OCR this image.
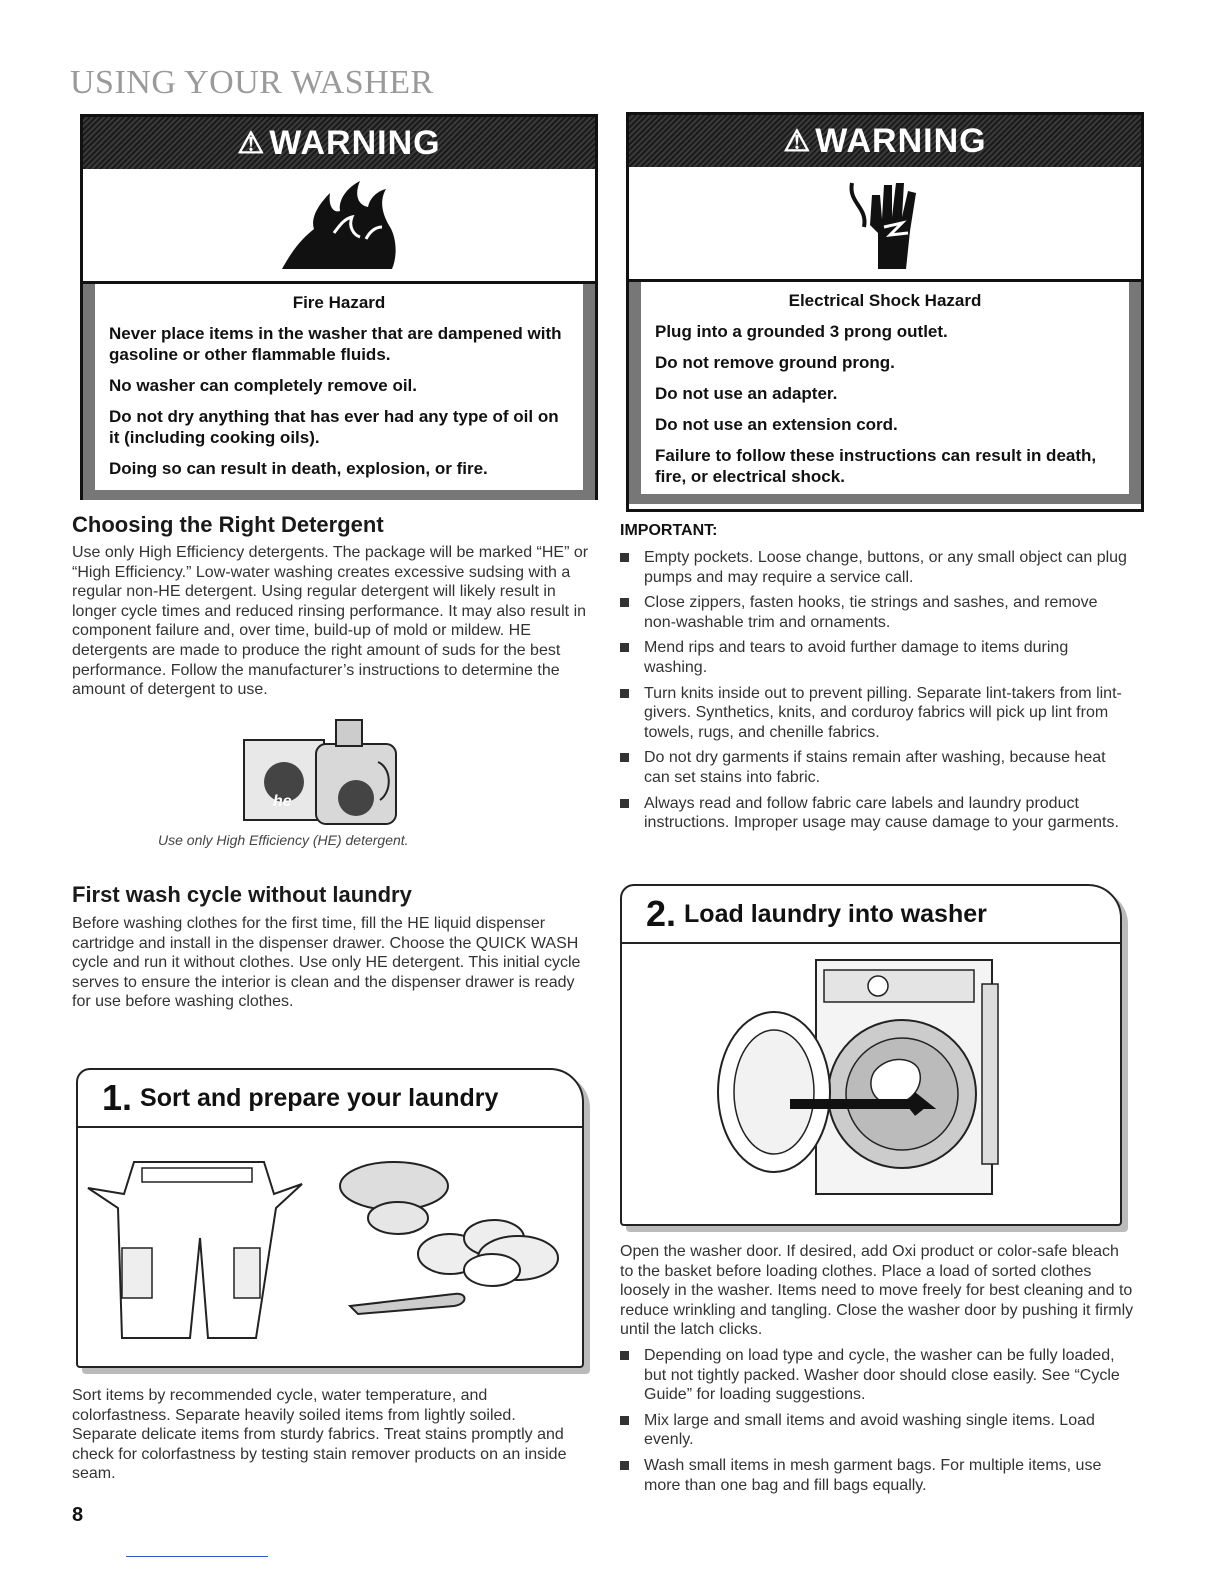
USING YOUR WASHER
⚠ WARNING

Fire Hazard

Never place items in the washer that are dampened with gasoline or other flammable fluids.

No washer can completely remove oil.

Do not dry anything that has ever had any type of oil on it (including cooking oils).

Doing so can result in death, explosion, or fire.

⚠ WARNING

Electrical Shock Hazard

Plug into a grounded 3 prong outlet.

Do not remove ground prong.

Do not use an adapter.

Do not use an extension cord.

Failure to follow these instructions can result in death, fire, or electrical shock.

Choosing the Right Detergent

Use only High Efficiency detergents. The package will be marked “HE” or “High Efficiency.” Low-water washing creates excessive sudsing with a regular non-HE detergent. Using regular detergent will likely result in longer cycle times and reduced rinsing performance. It may also result in component failure and, over time, build-up of mold or mildew. HE detergents are made to produce the right amount of suds for the best performance. Follow the manufacturer’s instructions to determine the amount of detergent to use.

he
Use only High Efficiency (HE) detergent.
IMPORTANT:
Empty pockets. Loose change, buttons, or any small object can plug pumps and may require a service call.
Close zippers, fasten hooks, tie strings and sashes, and remove non-washable trim and ornaments.
Mend rips and tears to avoid further damage to items during washing.
Turn knits inside out to prevent pilling. Separate lint-takers from lint-givers. Synthetics, knits, and corduroy fabrics will pick up lint from towels, rugs, and chenille fabrics.
Do not dry garments if stains remain after washing, because heat can set stains into fabric.
Always read and follow fabric care labels and laundry product instructions. Improper usage may cause damage to your garments.
First wash cycle without laundry

Before washing clothes for the first time, fill the HE liquid dispenser cartridge and install in the dispenser drawer. Choose the QUICK WASH cycle and run it without clothes. Use only HE detergent. This initial cycle serves to ensure the interior is clean and the dispenser drawer is ready for use before washing clothes.

1. Sort and prepare your laundry

Sort items by recommended cycle, water temperature, and colorfastness. Separate heavily soiled items from lightly soiled. Separate delicate items from sturdy fabrics. Treat stains promptly and check for colorfastness by testing stain remover products on an inside seam.

2. Load laundry into washer

Open the washer door. If desired, add Oxi product or color-safe bleach to the basket before loading clothes. Place a load of sorted clothes loosely in the washer. Items need to move freely for best cleaning and to reduce wrinkling and tangling. Close the washer door by pushing it firmly until the latch clicks.

Depending on load type and cycle, the washer can be fully loaded, but not tightly packed. Washer door should close easily. See “Cycle Guide” for loading suggestions.
Mix large and small items and avoid washing single items. Load evenly.
Wash small items in mesh garment bags. For multiple items, use more than one bag and fill bags equally.
8
